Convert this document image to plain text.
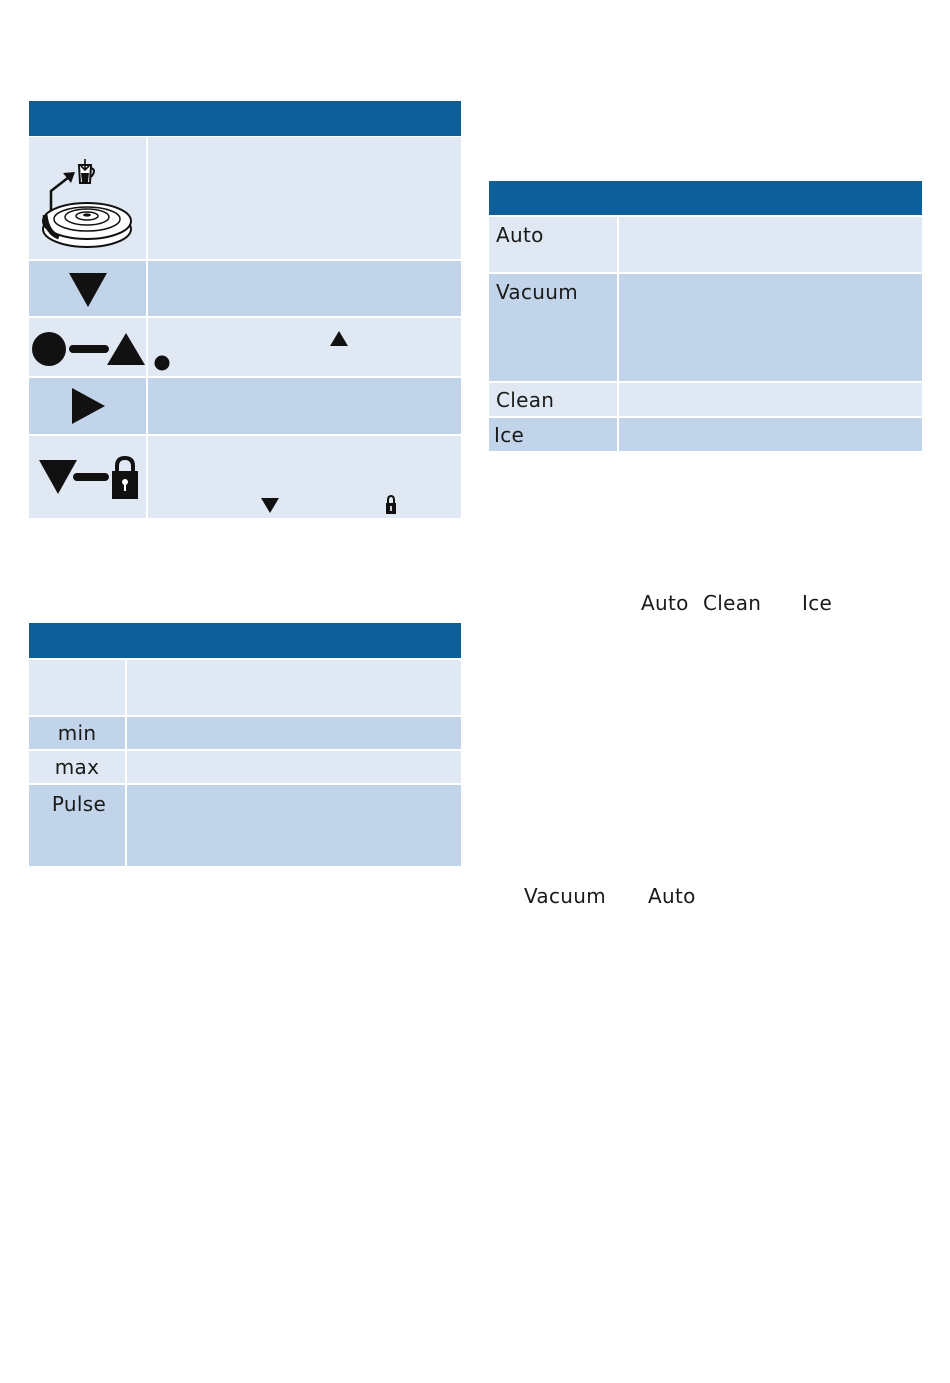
min
max
Pulse
Auto
Vacuum
Clean
Ice
Auto Clean Ice
Vacuum Auto
